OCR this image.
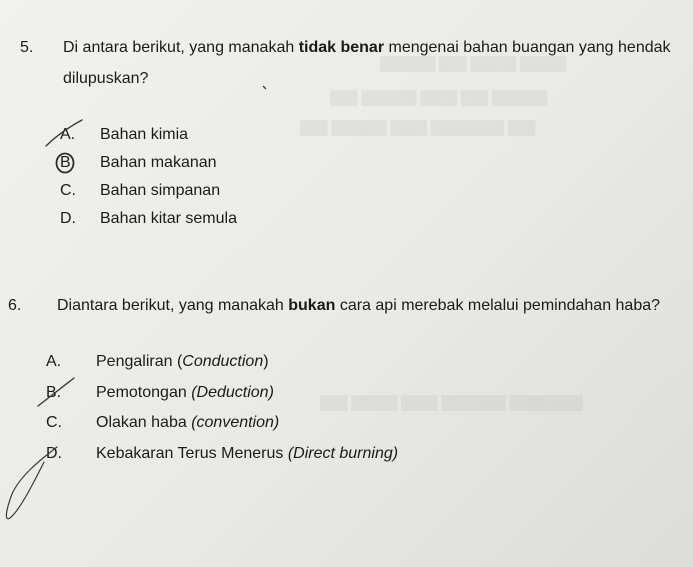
5. Di antara berikut, yang manakah tidak benar mengenai bahan buangan yang hendak
dilupuskan?
A. Bahan kimia
B Bahan makanan
C. Bahan simpanan
D. Bahan kitar semula
6. Diantara berikut, yang manakah bukan cara api merebak melalui pemindahan haba?
A. Pengaliran (Conduction)
B. Pemotongan (Deduction)
C. Olakan haba (convention)
D. Kebakaran Terus Menerus (Direct burning)
